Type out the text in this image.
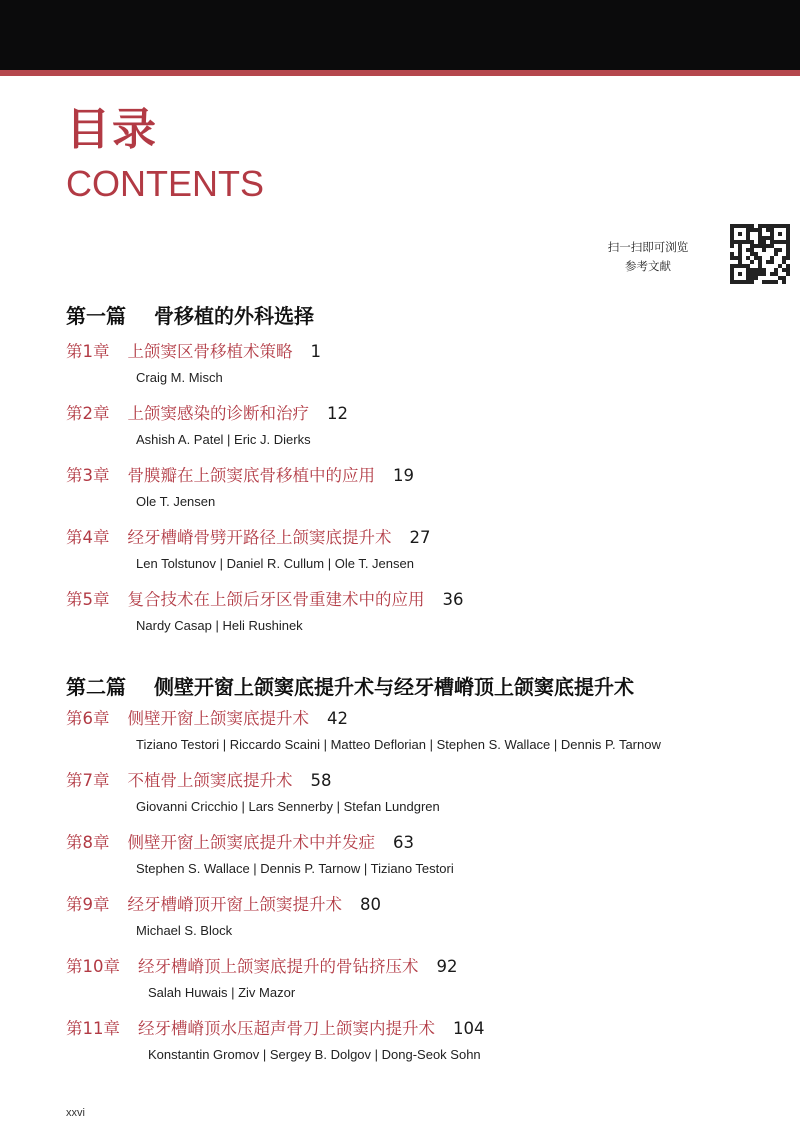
目录
CONTENTS
扫一扫即可浏览
参考文献
第一篇 骨移植的外科选择
第1章 上颌窦区骨移植术策略 1
Craig M. Misch
第2章 上颌窦感染的诊断和治疗 12
Ashish A. Patel | Eric J. Dierks
第3章 骨膜瓣在上颌窦底骨移植中的应用 19
Ole T. Jensen
第4章 经牙槽嵴骨劈开路径上颌窦底提升术 27
Len Tolstunov | Daniel R. Cullum | Ole T. Jensen
第5章 复合技术在上颌后牙区骨重建术中的应用 36
Nardy Casap | Heli Rushinek
第二篇 侧壁开窗上颌窦底提升术与经牙槽嵴顶上颌窦底提升术
第6章 侧壁开窗上颌窦底提升术 42
Tiziano Testori | Riccardo Scaini | Matteo Deflorian | Stephen S. Wallace | Dennis P. Tarnow
第7章 不植骨上颌窦底提升术 58
Giovanni Cricchio | Lars Sennerby | Stefan Lundgren
第8章 侧壁开窗上颌窦底提升术中并发症 63
Stephen S. Wallace | Dennis P. Tarnow | Tiziano Testori
第9章 经牙槽嵴顶开窗上颌窦提升术 80
Michael S. Block
第10章 经牙槽嵴顶上颌窦底提升的骨钻挤压术 92
Salah Huwais | Ziv Mazor
第11章 经牙槽嵴顶水压超声骨刀上颌窦内提升术 104
Konstantin Gromov | Sergey B. Dolgov | Dong-Seok Sohn
xxvi
